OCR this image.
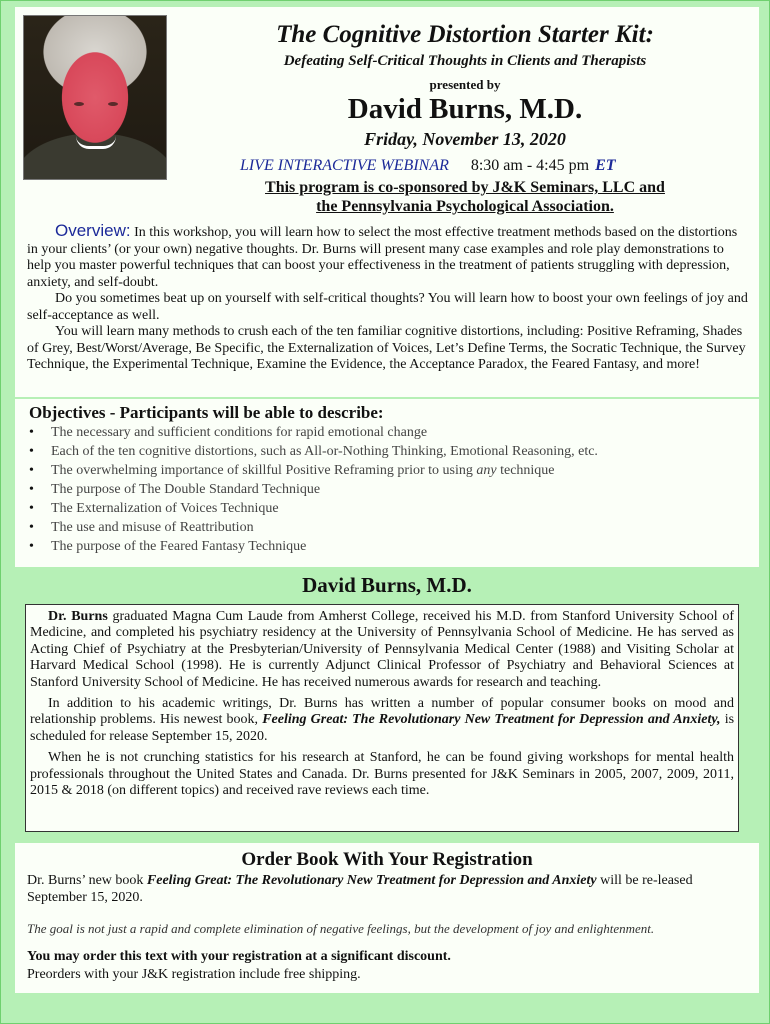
The Cognitive Distortion Starter Kit:
Defeating Self-Critical Thoughts in Clients and Therapists
presented by
David Burns, M.D.
Friday, November 13, 2020
LIVE INTERACTIVE WEBINAR 8:30 am - 4:45 pm ET
This program is co-sponsored by J&K Seminars, LLC and
the Pennsylvania Psychological Association.

Overview: In this workshop, you will learn how to select the most effective treatment methods based on the distortions in your clients’ (or your own) negative thoughts. Dr. Burns will present many case examples and role play demonstrations to help you master powerful techniques that can boost your effectiveness in the treatment of patients struggling with depression, anxiety, and self-doubt.

Do you sometimes beat up on yourself with self-critical thoughts? You will learn how to boost your own feelings of joy and self-acceptance as well.

You will learn many methods to crush each of the ten familiar cognitive distortions, including: Positive Reframing, Shades of Grey, Best/Worst/Average, Be Specific, the Externalization of Voices, Let’s Define Terms, the Socratic Technique, the Survey Technique, the Experimental Technique, Examine the Evidence, the Acceptance Paradox, the Feared Fantasy, and more!

Objectives - Participants will be able to describe:
• The necessary and sufficient conditions for rapid emotional change
• Each of the ten cognitive distortions, such as All-or-Nothing Thinking, Emotional Reasoning, etc.
• The overwhelming importance of skillful Positive Reframing prior to using any technique
• The purpose of The Double Standard Technique
• The Externalization of Voices Technique
• The use and misuse of Reattribution
• The purpose of the Feared Fantasy Technique
David Burns, M.D.

Dr. Burns graduated Magna Cum Laude from Amherst College, received his M.D. from Stanford University School of Medicine, and completed his psychiatry residency at the University of Pennsylvania School of Medicine. He has served as Acting Chief of Psychiatry at the Presbyterian/University of Pennsylvania Medical Center (1988) and Visiting Scholar at Harvard Medical School (1998). He is currently Adjunct Clinical Professor of Psychiatry and Behavioral Sciences at Stanford University School of Medicine. He has received numerous awards for research and teaching.

In addition to his academic writings, Dr. Burns has written a number of popular consumer books on mood and relationship problems. His newest book, Feeling Great: The Revolutionary New Treatment for Depression and Anxiety, is scheduled for release September 15, 2020.

When he is not crunching statistics for his research at Stanford, he can be found giving workshops for mental health professionals throughout the United States and Canada. Dr. Burns presented for J&K Seminars in 2005, 2007, 2009, 2011, 2015 & 2018 (on different topics) and received rave reviews each time.

Order Book With Your Registration
Dr. Burns’ new book Feeling Great: The Revolutionary New Treatment for Depression and Anxiety will be re-leased September 15, 2020.
The goal is not just a rapid and complete elimination of negative feelings, but the development of joy and enlightenment.
You may order this text with your registration at a significant discount.
Preorders with your J&K registration include free shipping.
